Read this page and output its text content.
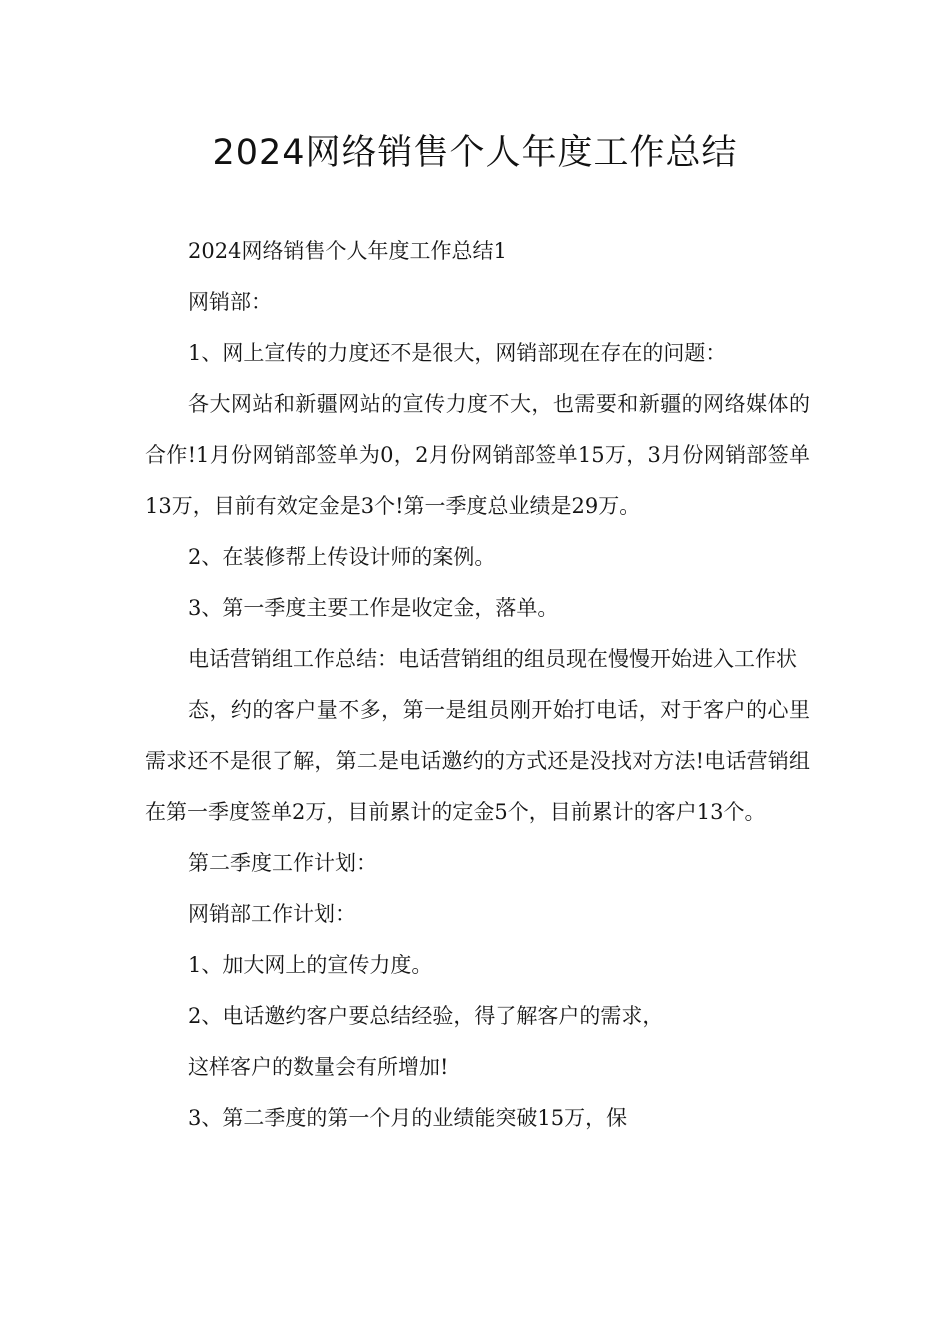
2024网络销售个人年度工作总结

2024网络销售个人年度工作总结1

网销部：

1、网上宣传的力度还不是很大，网销部现在存在的问题：

各大网站和新疆网站的宣传力度不大，也需要和新疆的网络媒体的合作!1月份网销部签单为0，2月份网销部签单15万，3月份网销部签单13万，目前有效定金是3个!第一季度总业绩是29万。

2、在装修帮上传设计师的案例。

3、第一季度主要工作是收定金，落单。

电话营销组工作总结：电话营销组的组员现在慢慢开始进入工作状

态，约的客户量不多，第一是组员刚开始打电话，对于客户的心里需求还不是很了解，第二是电话邀约的方式还是没找对方法!电话营销组在第一季度签单2万，目前累计的定金5个，目前累计的客户13个。

第二季度工作计划：

网销部工作计划：

1、加大网上的宣传力度。

2、电话邀约客户要总结经验，得了解客户的需求，

这样客户的数量会有所增加!

3、第二季度的第一个月的业绩能突破15万，保
